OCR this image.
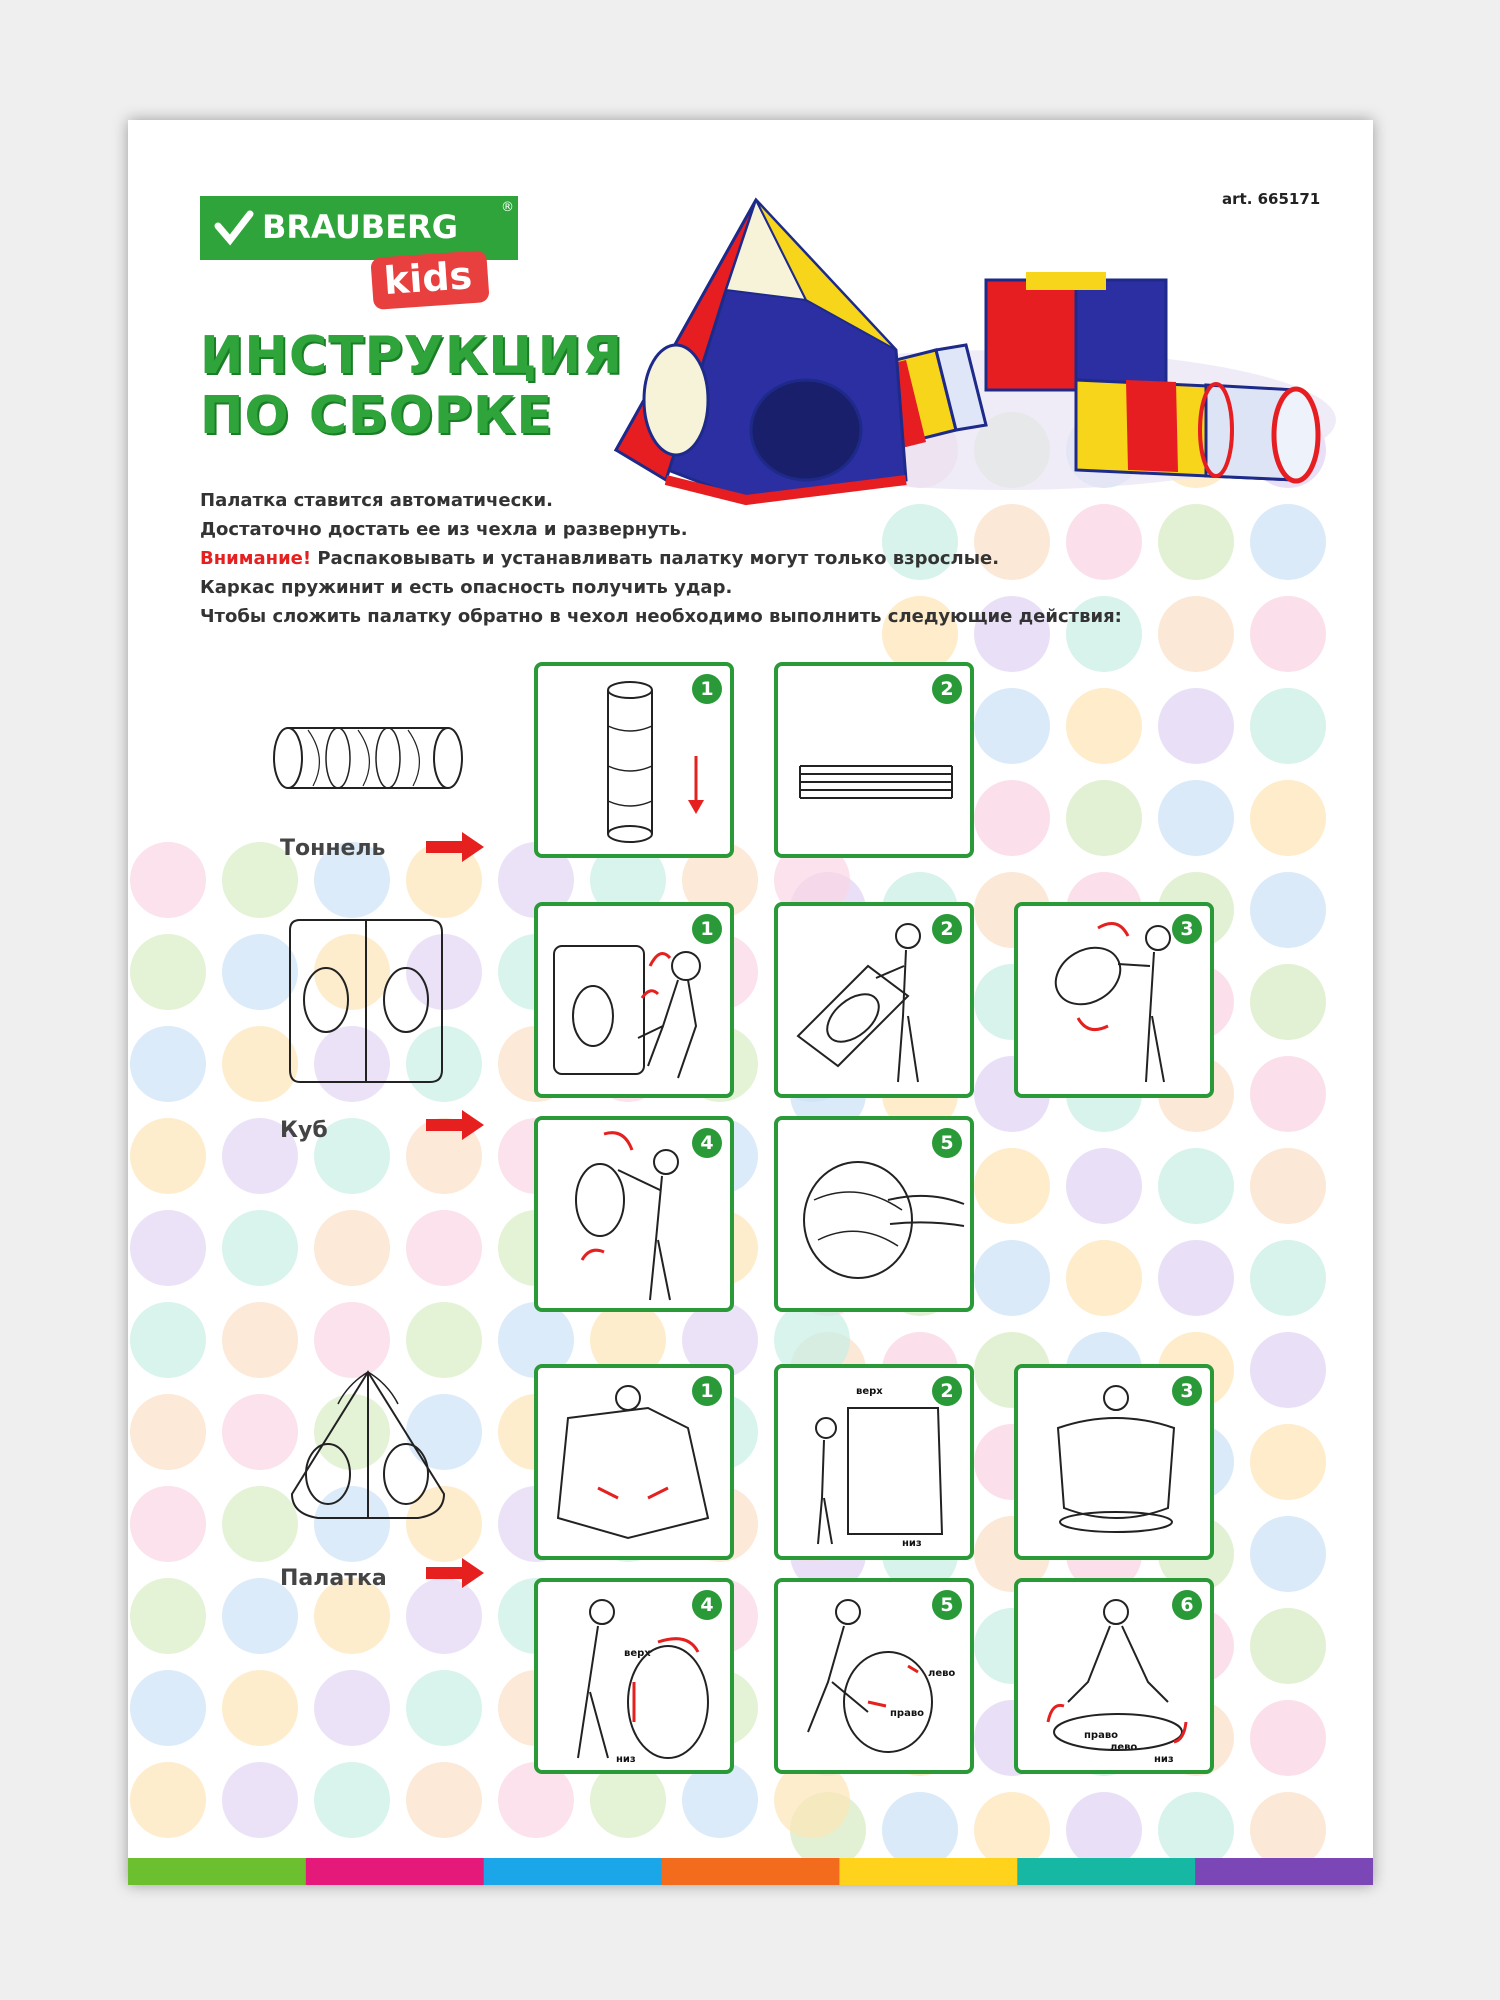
BRAUBERG
®
kids
art. 665171
ИНСТРУКЦИЯ
ПО СБОРКЕ

Палатка ставится автоматически.

Достаточно достать ее из чехла и развернуть.

Внимание! Распаковывать и устанавливать палатку могут только взрослые.

Каркас пружинит и есть опасность получить удар.

Чтобы сложить палатку обратно в чехол необходимо выполнить следующие действия:

Тоннель
1	2
Куб
1	2	3
4	5
Палатка
1	2
верх
низ
3
4
верх
низ
5
лево
право
6
право
лево
низ
